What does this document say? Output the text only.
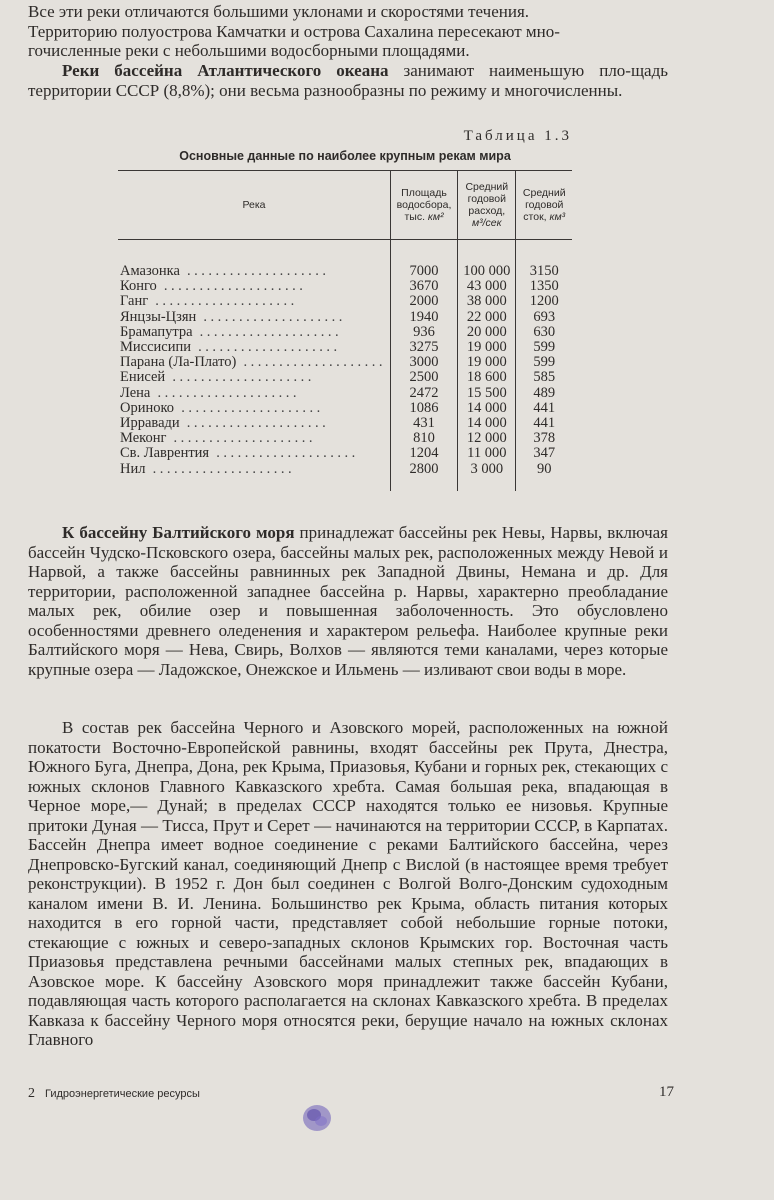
Все эти реки отличаются большими уклонами и скоростями течения.

Территорию полуострова Камчатки и острова Сахалина пересекают мно-

гочисленные реки с небольшими водосборными площадями.

Реки бассейна Атлантического океана занимают наименьшую пло-щадь территории СССР (8,8%); они весьма разнообразны по режиму и многочисленны.

Таблица 1.3

Основные данные по наиболее крупным рекам мира

Река	Площадь водосбора, тыс. км²	Средний годовой расход, м³/сек	Средний годовой сток, км³

Амазонка ....................	7000	100 000	3150
Конго ....................	3670	43 000	1350
Ганг ....................	2000	38 000	1200
Янцзы-Цзян ....................	1940	22 000	693
Брамапутра ....................	936	20 000	630
Миссисипи ....................	3275	19 000	599
Парана (Ла-Плато) ....................	3000	19 000	599
Енисей ....................	2500	18 600	585
Лена ....................	2472	15 500	489
Ориноко ....................	1086	14 000	441
Ирравади ....................	431	14 000	441
Меконг ....................	810	12 000	378
Св. Лаврентия ....................	1204	11 000	347
Нил ....................	2800	3 000	90

К бассейну Балтийского моря принадлежат бассейны рек Невы, Нарвы, включая бассейн Чудско-Псковского озера, бассейны малых рек, расположенных между Невой и Нарвой, а также бассейны равнинных рек Западной Двины, Немана и др. Для территории, расположенной западнее бассейна р. Нарвы, характерно преобладание малых рек, обилие озер и повышенная заболоченность. Это обусловлено особенностями древнего оледенения и характером рельефа. Наиболее крупные реки Балтийского моря — Нева, Свирь, Волхов — являются теми каналами, через которые крупные озера — Ладожское, Онежское и Ильмень — изливают свои воды в море.

В состав рек бассейна Черного и Азовского морей, расположенных на южной покатости Восточно-Европейской равнины, входят бассейны рек Прута, Днестра, Южного Буга, Днепра, Дона, рек Крыма, Приазовья, Кубани и горных рек, стекающих с южных склонов Главного Кавказского хребта. Самая большая река, впадающая в Черное море,— Дунай; в пределах СССР находятся только ее низовья. Крупные притоки Дуная — Тисса, Прут и Серет — начинаются на территории СССР, в Карпатах. Бассейн Днепра имеет водное соединение с реками Балтийского бассейна, через Днепровско-Бугский канал, соединяющий Днепр с Вислой (в настоящее время требует реконструкции). В 1952 г. Дон был соединен с Волгой Волго-Донским судоходным каналом имени В. И. Ленина. Большинство рек Крыма, область питания которых находится в его горной части, представляет собой небольшие горные потоки, стекающие с южных и северо-западных склонов Крымских гор. Восточная часть Приазовья представлена речными бассейнами малых степных рек, впадающих в Азовское море. К бассейну Азовского моря принадлежит также бассейн Кубани, подавляющая часть которого располагается на склонах Кавказского хребта. В пределах Кавказа к бассейну Черного моря относятся реки, берущие начало на южных склонах Главного

2 Гидроэнергетические ресурсы	17
